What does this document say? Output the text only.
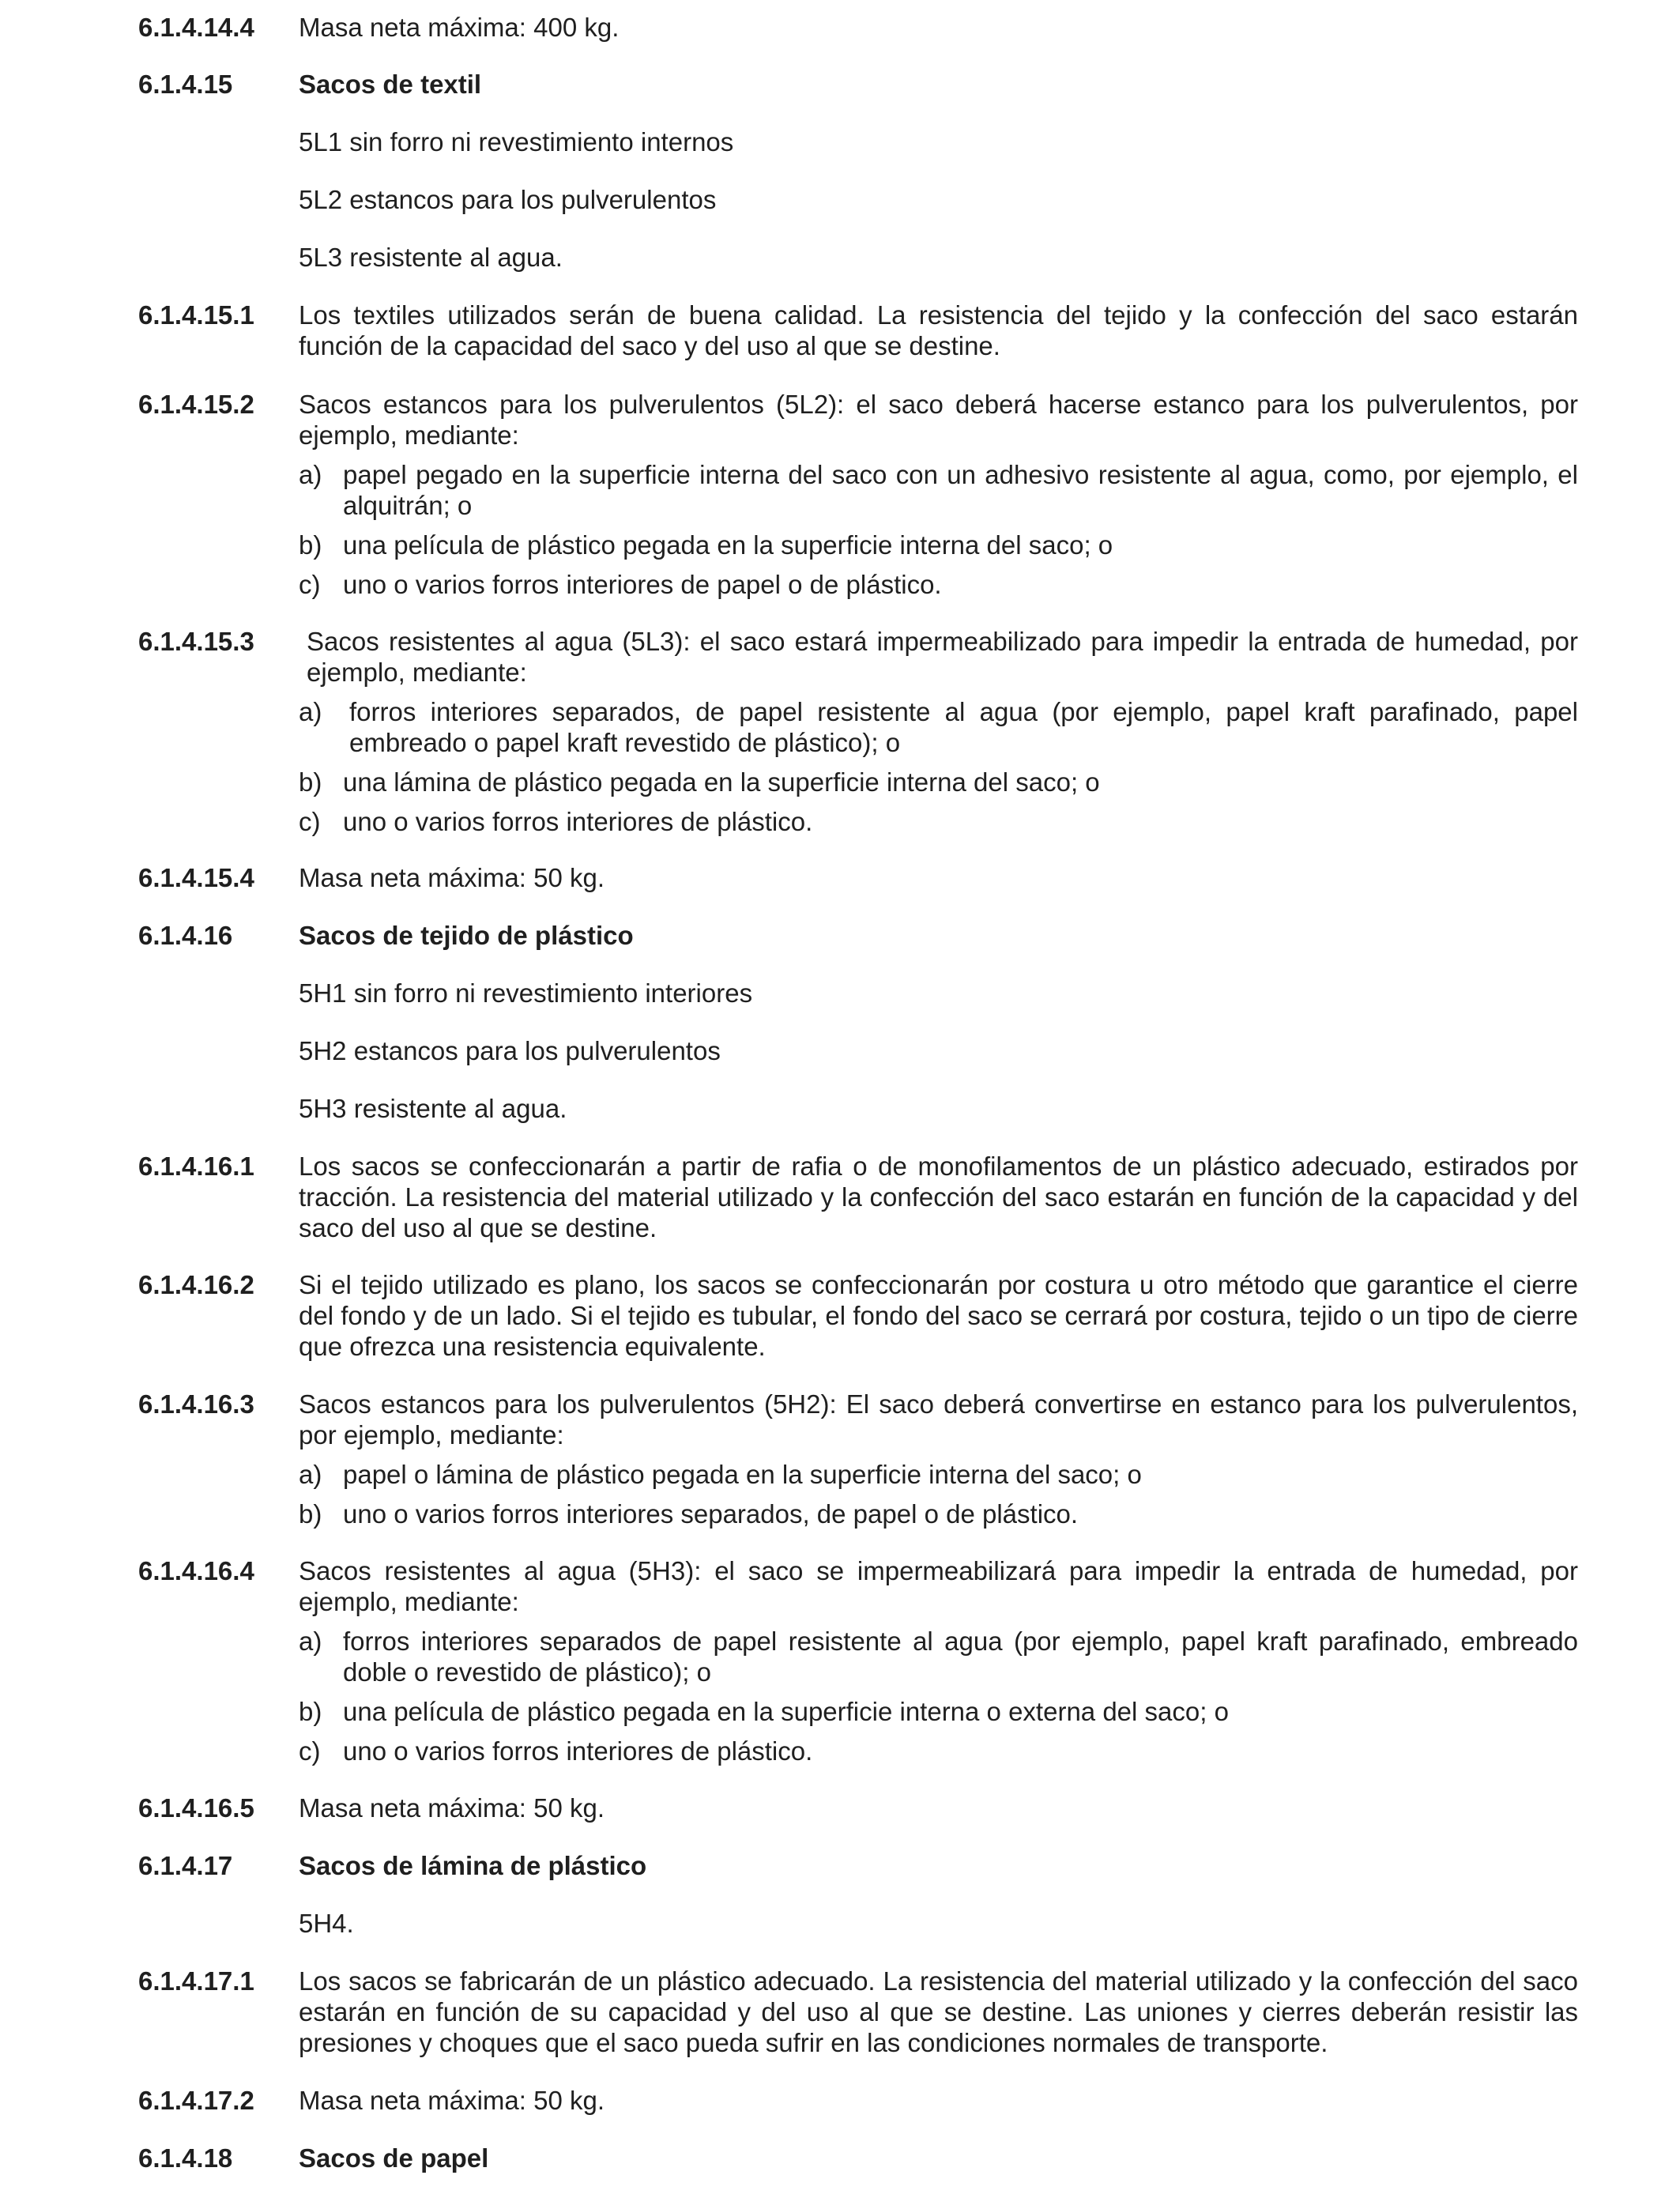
6.1.4.14.4 Masa neta máxima: 400 kg.
6.1.4.15	Sacos de textil
5L1 sin forro ni revestimiento internos
5L2 estancos para los pulverulentos
5L3 resistente al agua.
6.1.4.15.1 Los textiles utilizados serán de buena calidad. La resistencia del tejido y la confección del saco estarán función de la capacidad del saco y del uso al que se destine.
6.1.4.15.2 Sacos estancos para los pulverulentos (5L2): el saco deberá hacerse estanco para los pulverulentos, por ejemplo, mediante:
a) papel pegado en la superficie interna del saco con un adhesivo resistente al agua, como, por ejemplo, el alquitrán; o
b) una película de plástico pegada en la superficie interna del saco; o
c) uno o varios forros interiores de papel o de plástico.
6.1.4.15.3	Sacos resistentes al agua (5L3): el saco estará impermeabilizado para impedir la entrada de humedad, por ejemplo, mediante:
a) forros interiores separados, de papel resistente al agua (por ejemplo, papel kraft parafinado, papel embreado o papel kraft revestido de plástico); o
b) una lámina de plástico pegada en la superficie interna del saco; o
c) uno o varios forros interiores de plástico.
6.1.4.15.4 Masa neta máxima: 50 kg.
6.1.4.16	Sacos de tejido de plástico
5H1 sin forro ni revestimiento interiores
5H2 estancos para los pulverulentos
5H3 resistente al agua.
6.1.4.16.1 Los sacos se confeccionarán a partir de rafia o de monofilamentos de un plástico adecuado, estirados por tracción. La resistencia del material utilizado y la confección del saco estarán en función de la capacidad y del saco del uso al que se destine.
6.1.4.16.2 Si el tejido utilizado es plano, los sacos se confeccionarán por costura u otro método que garantice el cierre del fondo y de un lado. Si el tejido es tubular, el fondo del saco se cerrará por costura, tejido o un tipo de cierre que ofrezca una resistencia equivalente.
6.1.4.16.3 Sacos estancos para los pulverulentos (5H2): El saco deberá convertirse en estanco para los pulverulentos, por ejemplo, mediante:
a) papel o lámina de plástico pegada en la superficie interna del saco; o
b) uno o varios forros interiores separados, de papel o de plástico.
6.1.4.16.4 Sacos resistentes al agua (5H3): el saco se impermeabilizará para impedir la entrada de humedad, por ejemplo, mediante:
a) forros interiores separados de papel resistente al agua (por ejemplo, papel kraft parafinado, embreado doble o revestido de plástico); o
b) una película de plástico pegada en la superficie interna o externa del saco; o
c) uno o varios forros interiores de plástico.
6.1.4.16.5 Masa neta máxima: 50 kg.
6.1.4.17	Sacos de lámina de plástico
5H4.
6.1.4.17.1 Los sacos se fabricarán de un plástico adecuado. La resistencia del material utilizado y la confección del saco estarán en función de su capacidad y del uso al que se destine. Las uniones y cierres deberán resistir las presiones y choques que el saco pueda sufrir en las condiciones normales de transporte.
6.1.4.17.2 Masa neta máxima: 50 kg.
6.1.4.18	Sacos de papel
